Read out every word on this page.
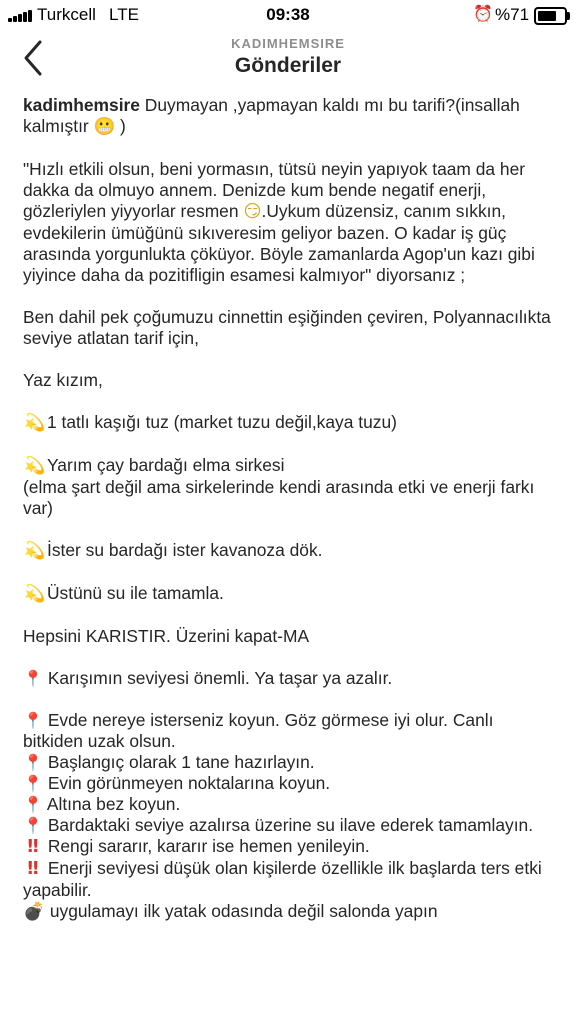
Turkcell LTE	09:38	⏰ %71
KADIMHEMSIRE
Gönderiler

kadimhemsire Duymayan ,yapmayan kaldı mı bu tarifi?(insallah kalmıştır 😬 )

"Hızlı etkili olsun, beni yormasın, tütsü neyin yapıyok taam da her dakka da olmuyo annem. Denizde kum bende negatif enerji, gözleriylen yiyyorlar resmen 😏.Uykum düzensiz, canım sıkkın, evdekilerin ümüğünü sıkıveresim geliyor bazen. O kadar iş güç arasında yorgunlukta çöküyor. Böyle zamanlarda Agop'un kazı gibi yiyince daha da pozitifligin esamesi kalmıyor" diyorsanız ;

Ben dahil pek çoğumuzu cinnettin eşiğinden çeviren, Polyannacılıkta seviye atlatan tarif için,

Yaz kızım,

💫1 tatlı kaşığı tuz (market tuzu değil,kaya tuzu)

💫Yarım çay bardağı elma sirkesi
(elma şart değil ama sirkelerinde kendi arasında etki ve enerji farkı var)

💫İster su bardağı ister kavanoza dök.

💫Üstünü su ile tamamla.

Hepsini KARISTIR. Üzerini kapat-MA

📍 Karışımın seviyesi önemli. Ya taşar ya azalır.

📍 Evde nereye isterseniz koyun. Göz görmese iyi olur. Canlı bitkiden uzak olsun.

📍 Başlangıç olarak 1 tane hazırlayın.

📍 Evin görünmeyen noktalarına koyun.

📍 Altına bez koyun.

📍 Bardaktaki seviye azalırsa üzerine su ilave ederek tamamlayın.

‼ Rengi sararır, kararır ise hemen yenileyin.

‼ Enerji seviyesi düşük olan kişilerde özellikle ilk başlarda ters etki yapabilir.

💣 uygulamayı ilk yatak odasında değil salonda yapın
